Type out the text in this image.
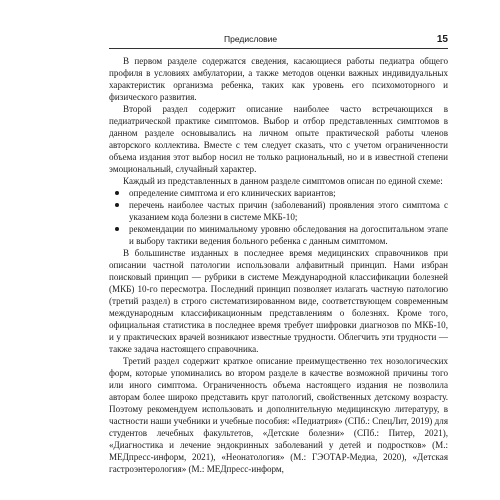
Предисловие	15

В первом разделе содержатся сведения, касающиеся работы педиатра общего профиля в условиях амбулатории, а также методов оценки важных индивидуальных характеристик организма ребенка, таких как уровень его психомоторного и физического развития.

Второй раздел содержит описание наиболее часто встречающихся в педиатрической практике симптомов. Выбор и отбор представленных симптомов в данном разделе основывались на личном опыте практической работы членов авторского коллектива. Вместе с тем следует сказать, что с учетом ограниченности объема издания этот выбор носил не только рациональный, но и в известной степени эмоциональный, случайный характер.

Каждый из представленных в данном разделе симптомов описан по единой схеме:

определение симптома и его клинических вариантов;
перечень наиболее частых причин (заболеваний) проявления этого симптома с указанием кода болезни в системе МКБ-10;
рекомендации по минимальному уровню обследования на догоспитальном этапе и выбору тактики ведения больного ребенка с данным симптомом.

В большинстве изданных в последнее время медицинских справочников при описании частной патологии использовали алфавитный принцип. Нами избран поисковый принцип — рубрики в системе Международной классификации болезней (МКБ) 10-го пересмотра. Последний принцип позволяет излагать частную патологию (третий раздел) в строго систематизированном виде, соответствующем современным международным классификационным представлениям о болезнях. Кроме того, официальная статистика в последнее время требует шифровки диагнозов по МКБ-10, и у практических врачей возникают известные трудности. Облегчить эти трудности — также задача настоящего справочника.

Третий раздел содержит краткое описание преимущественно тех нозологических форм, которые упоминались во втором разделе в качестве возможной причины того или иного симптома. Ограниченность объема настоящего издания не позволила авторам более широко представить круг патологий, свойственных детскому возрасту. Поэтому рекомендуем использовать и дополнительную медицинскую литературу, в частности наши учебники и учебные пособия: «Педиатрия» (СПб.: СпецЛит, 2019) для студентов лечебных факультетов, «Детские болезни» (СПб.: Питер, 2021), «Диагностика и лечение эндокринных заболеваний у детей и подростков» (М.: МЕДпресс-информ, 2021), «Неонатология» (М.: ГЭОТАР-Медиа, 2020), «Детская гастроэнтерология» (М.: МЕДпресс-информ,
